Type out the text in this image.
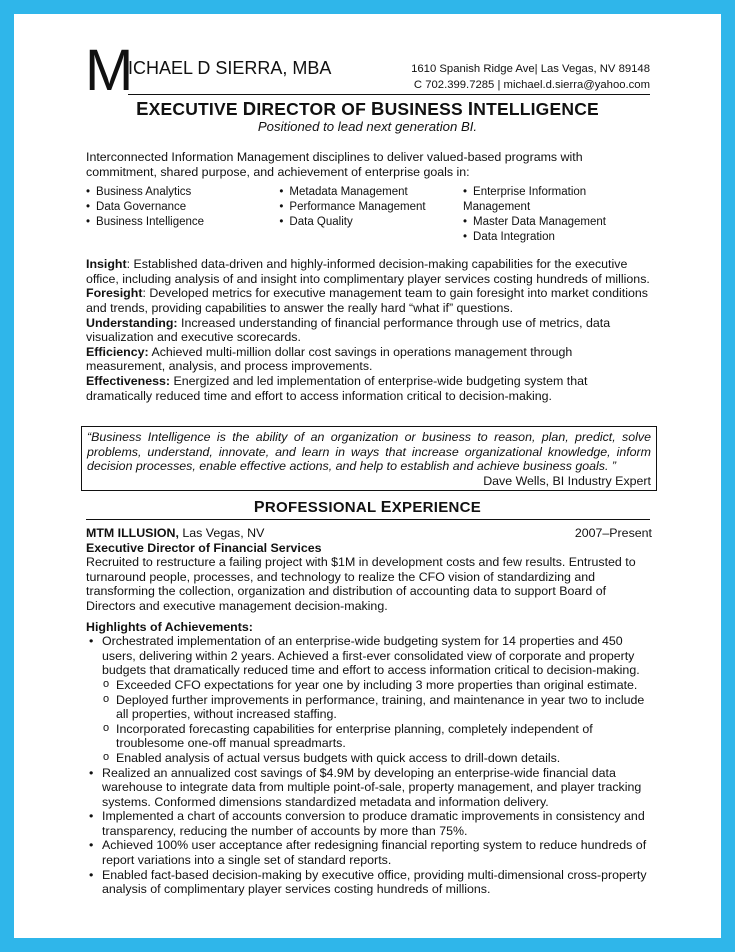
M
ICHAEL D SIERRA, MBA	1610 Spanish Ridge Ave| Las Vegas, NV 89148
C 702.399.7285 | michael.d.sierra@yahoo.com
EXECUTIVE DIRECTOR OF BUSINESS INTELLIGENCE
Positioned to lead next generation BI.

Interconnected Information Management disciplines to deliver valued-based programs with commitment, shared purpose, and achievement of enterprise goals in:

• Business Analytics
• Data Governance
• Business Intelligence
• Metadata Management
• Performance Management
• Data Quality
• Enterprise Information Management
• Master Data Management
• Data Integration

Insight: Established data-driven and highly-informed decision-making capabilities for the executive office, including analysis of and insight into complimentary player services costing hundreds of millions.

Foresight: Developed metrics for executive management team to gain foresight into market conditions and trends, providing capabilities to answer the really hard “what if” questions.

Understanding: Increased understanding of financial performance through use of metrics, data visualization and executive scorecards.

Efficiency: Achieved multi-million dollar cost savings in operations management through measurement, analysis, and process improvements.

Effectiveness: Energized and led implementation of enterprise-wide budgeting system that dramatically reduced time and effort to access information critical to decision-making.

“Business Intelligence is the ability of an organization or business to reason, plan, predict, solve problems, understand, innovate, and learn in ways that increase organizational knowledge, inform decision processes, enable effective actions, and help to establish and achieve business goals. ”
Dave Wells, BI Industry Expert
PROFESSIONAL EXPERIENCE
MTM ILLUSION, Las Vegas, NV	2007–Present
Executive Director of Financial Services

Recruited to restructure a failing project with $1M in development costs and few results. Entrusted to turnaround people, processes, and technology to realize the CFO vision of standardizing and transforming the collection, organization and distribution of accounting data to support Board of Directors and executive management decision-making.

Highlights of Achievements:
• Orchestrated implementation of an enterprise-wide budgeting system for 14 properties and 450 users, delivering within 2 years. Achieved a first-ever consolidated view of corporate and property budgets that dramatically reduced time and effort to access information critical to decision-making.
o Exceeded CFO expectations for year one by including 3 more properties than original estimate.
o Deployed further improvements in performance, training, and maintenance in year two to include all properties, without increased staffing.
o Incorporated forecasting capabilities for enterprise planning, completely independent of troublesome one-off manual spreadmarts.
o Enabled analysis of actual versus budgets with quick access to drill-down details.
• Realized an annualized cost savings of $4.9M by developing an enterprise-wide financial data warehouse to integrate data from multiple point-of-sale, property management, and player tracking systems. Conformed dimensions standardized metadata and information delivery.
• Implemented a chart of accounts conversion to produce dramatic improvements in consistency and transparency, reducing the number of accounts by more than 75%.
• Achieved 100% user acceptance after redesigning financial reporting system to reduce hundreds of report variations into a single set of standard reports.
• Enabled fact-based decision-making by executive office, providing multi-dimensional cross-property analysis of complimentary player services costing hundreds of millions.
